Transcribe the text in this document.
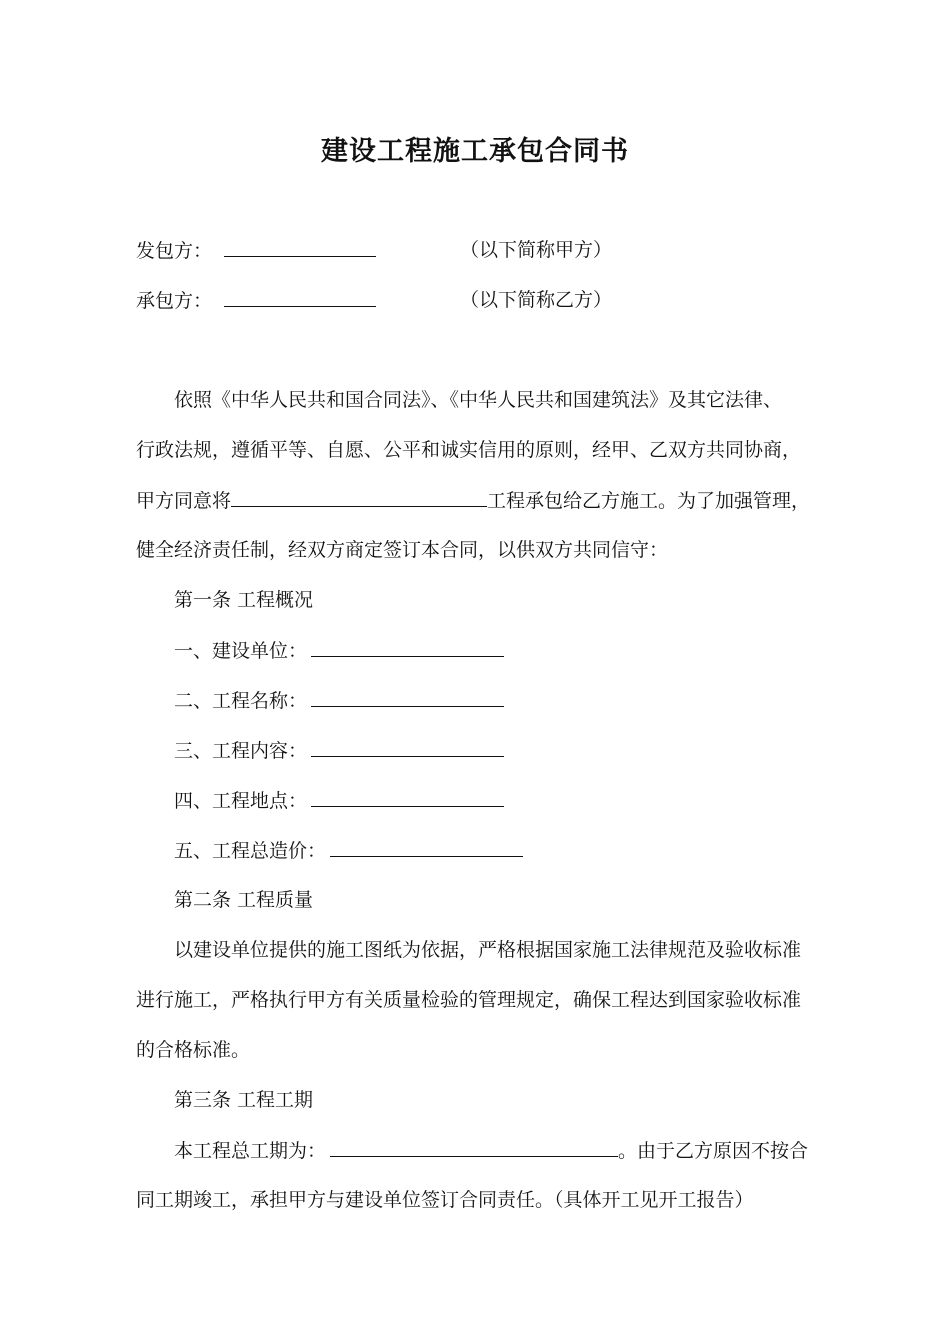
建设工程施工承包合同书
发包方：	（以下简称甲方）
承包方：	（以下简称乙方）
依照《中华人民共和国合同法》、《中华人民共和国建筑法》及其它法律、
行政法规，遵循平等、自愿、公平和诚实信用的原则，经甲、乙双方共同协商，
甲方同意将	工程承包给乙方施工。为了加强管理，
健全经济责任制，经双方商定签订本合同，以供双方共同信守：
第一条 工程概况
一、建设单位：
二、工程名称：
三、工程内容：
四、工程地点：
五、工程总造价：
第二条 工程质量
以建设单位提供的施工图纸为依据，严格根据国家施工法律规范及验收标准
进行施工，严格执行甲方有关质量检验的管理规定，确保工程达到国家验收标准
的合格标准。
第三条 工程工期
本工程总工期为：	。由于乙方原因不按合
同工期竣工，承担甲方与建设单位签订合同责任。（具体开工见开工报告）
